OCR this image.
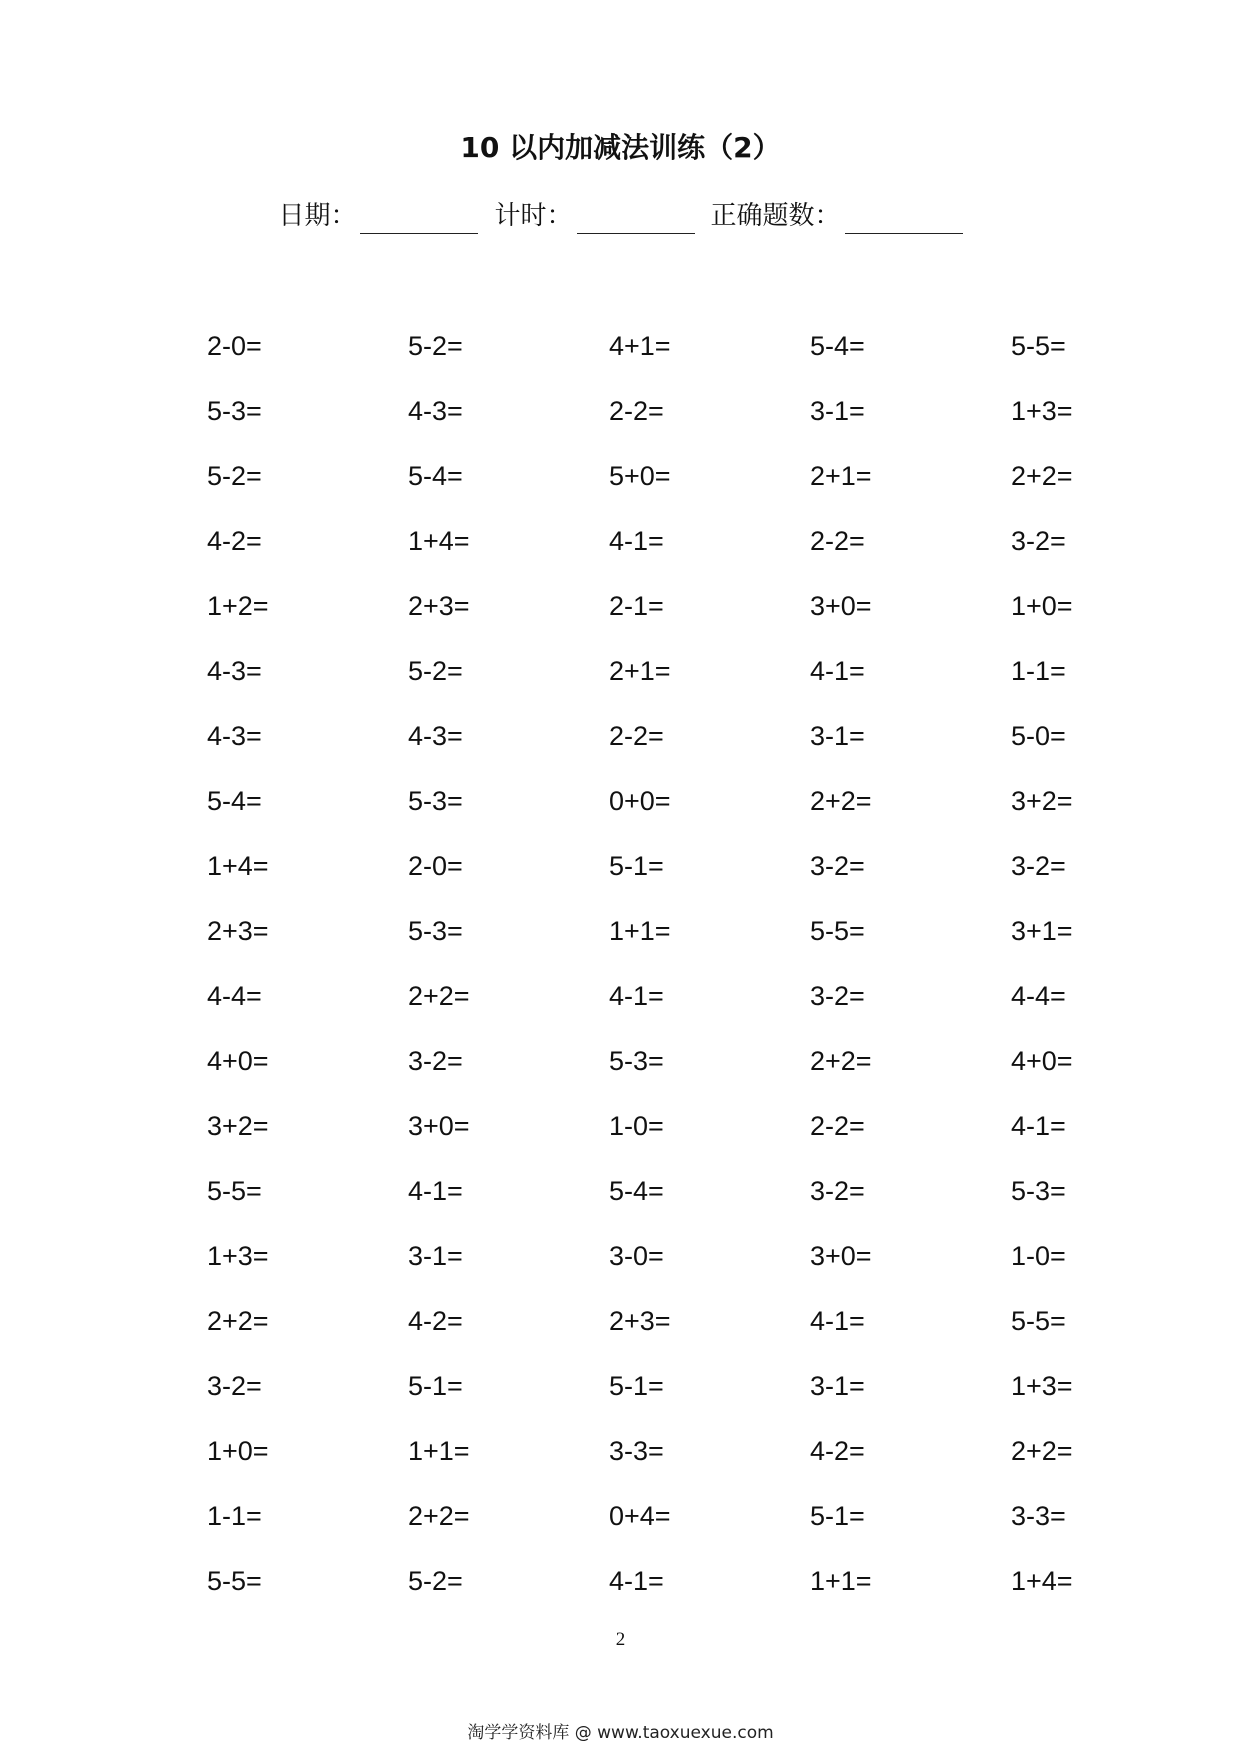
10 以内加减法训练（2）
日期：	计时：	正确题数：
2-0=	5-2=	4+1=	5-4=	5-5=
5-3=	4-3=	2-2=	3-1=	1+3=
5-2=	5-4=	5+0=	2+1=	2+2=
4-2=	1+4=	4-1=	2-2=	3-2=
1+2=	2+3=	2-1=	3+0=	1+0=
4-3=	5-2=	2+1=	4-1=	1-1=
4-3=	4-3=	2-2=	3-1=	5-0=
5-4=	5-3=	0+0=	2+2=	3+2=
1+4=	2-0=	5-1=	3-2=	3-2=
2+3=	5-3=	1+1=	5-5=	3+1=
4-4=	2+2=	4-1=	3-2=	4-4=
4+0=	3-2=	5-3=	2+2=	4+0=
3+2=	3+0=	1-0=	2-2=	4-1=
5-5=	4-1=	5-4=	3-2=	5-3=
1+3=	3-1=	3-0=	3+0=	1-0=
2+2=	4-2=	2+3=	4-1=	5-5=
3-2=	5-1=	5-1=	3-1=	1+3=
1+0=	1+1=	3-3=	4-2=	2+2=
1-1=	2+2=	0+4=	5-1=	3-3=
5-5=	5-2=	4-1=	1+1=	1+4=
2
淘学学资料库 @ www.taoxuexue.com
